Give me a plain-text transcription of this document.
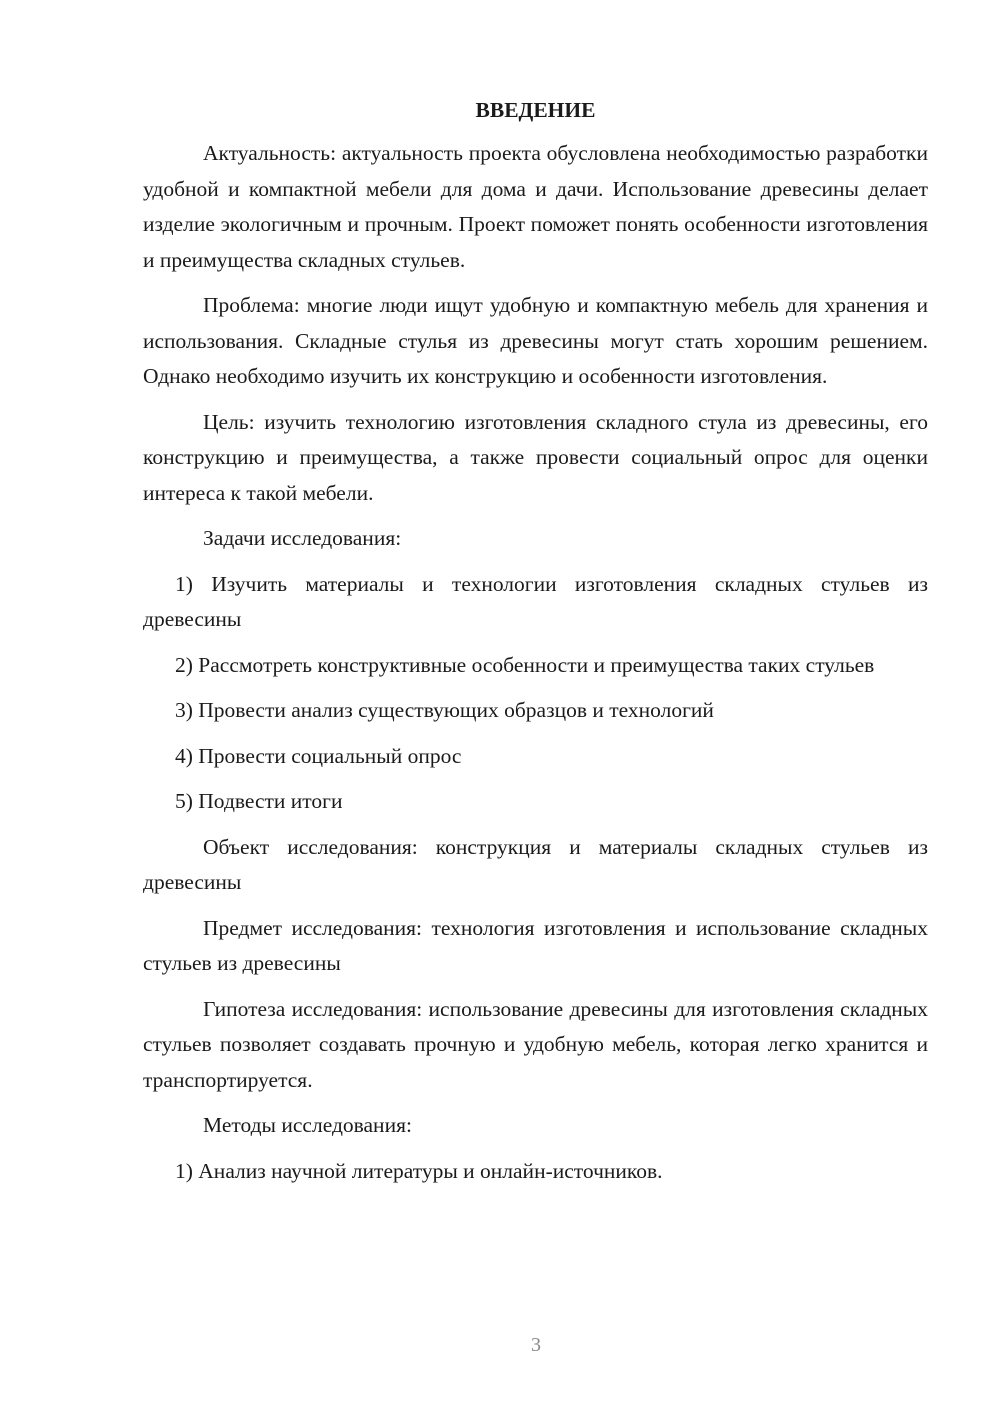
ВВЕДЕНИЕ

Актуальность: актуальность проекта обусловлена необходимостью разработки удобной и компактной мебели для дома и дачи. Использование древесины делает изделие экологичным и прочным. Проект поможет понять особенности изготовления и преимущества складных стульев.

Проблема: многие люди ищут удобную и компактную мебель для хранения и использования. Складные стулья из древесины могут стать хорошим решением. Однако необходимо изучить их конструкцию и особенности изготовления.

Цель: изучить технологию изготовления складного стула из древесины, его конструкцию и преимущества, а также провести социальный опрос для оценки интереса к такой мебели.

Задачи исследования:

1) Изучить материалы и технологии изготовления складных стульев из древесины

2) Рассмотреть конструктивные особенности и преимущества таких стульев

3) Провести анализ существующих образцов и технологий

4) Провести социальный опрос

5) Подвести итоги

Объект исследования: конструкция и материалы складных стульев из древесины

Предмет исследования: технология изготовления и использование складных стульев из древесины

Гипотеза исследования: использование древесины для изготовления складных стульев позволяет создавать прочную и удобную мебель, которая легко хранится и транспортируется.

Методы исследования:

1) Анализ научной литературы и онлайн-источников.

3
